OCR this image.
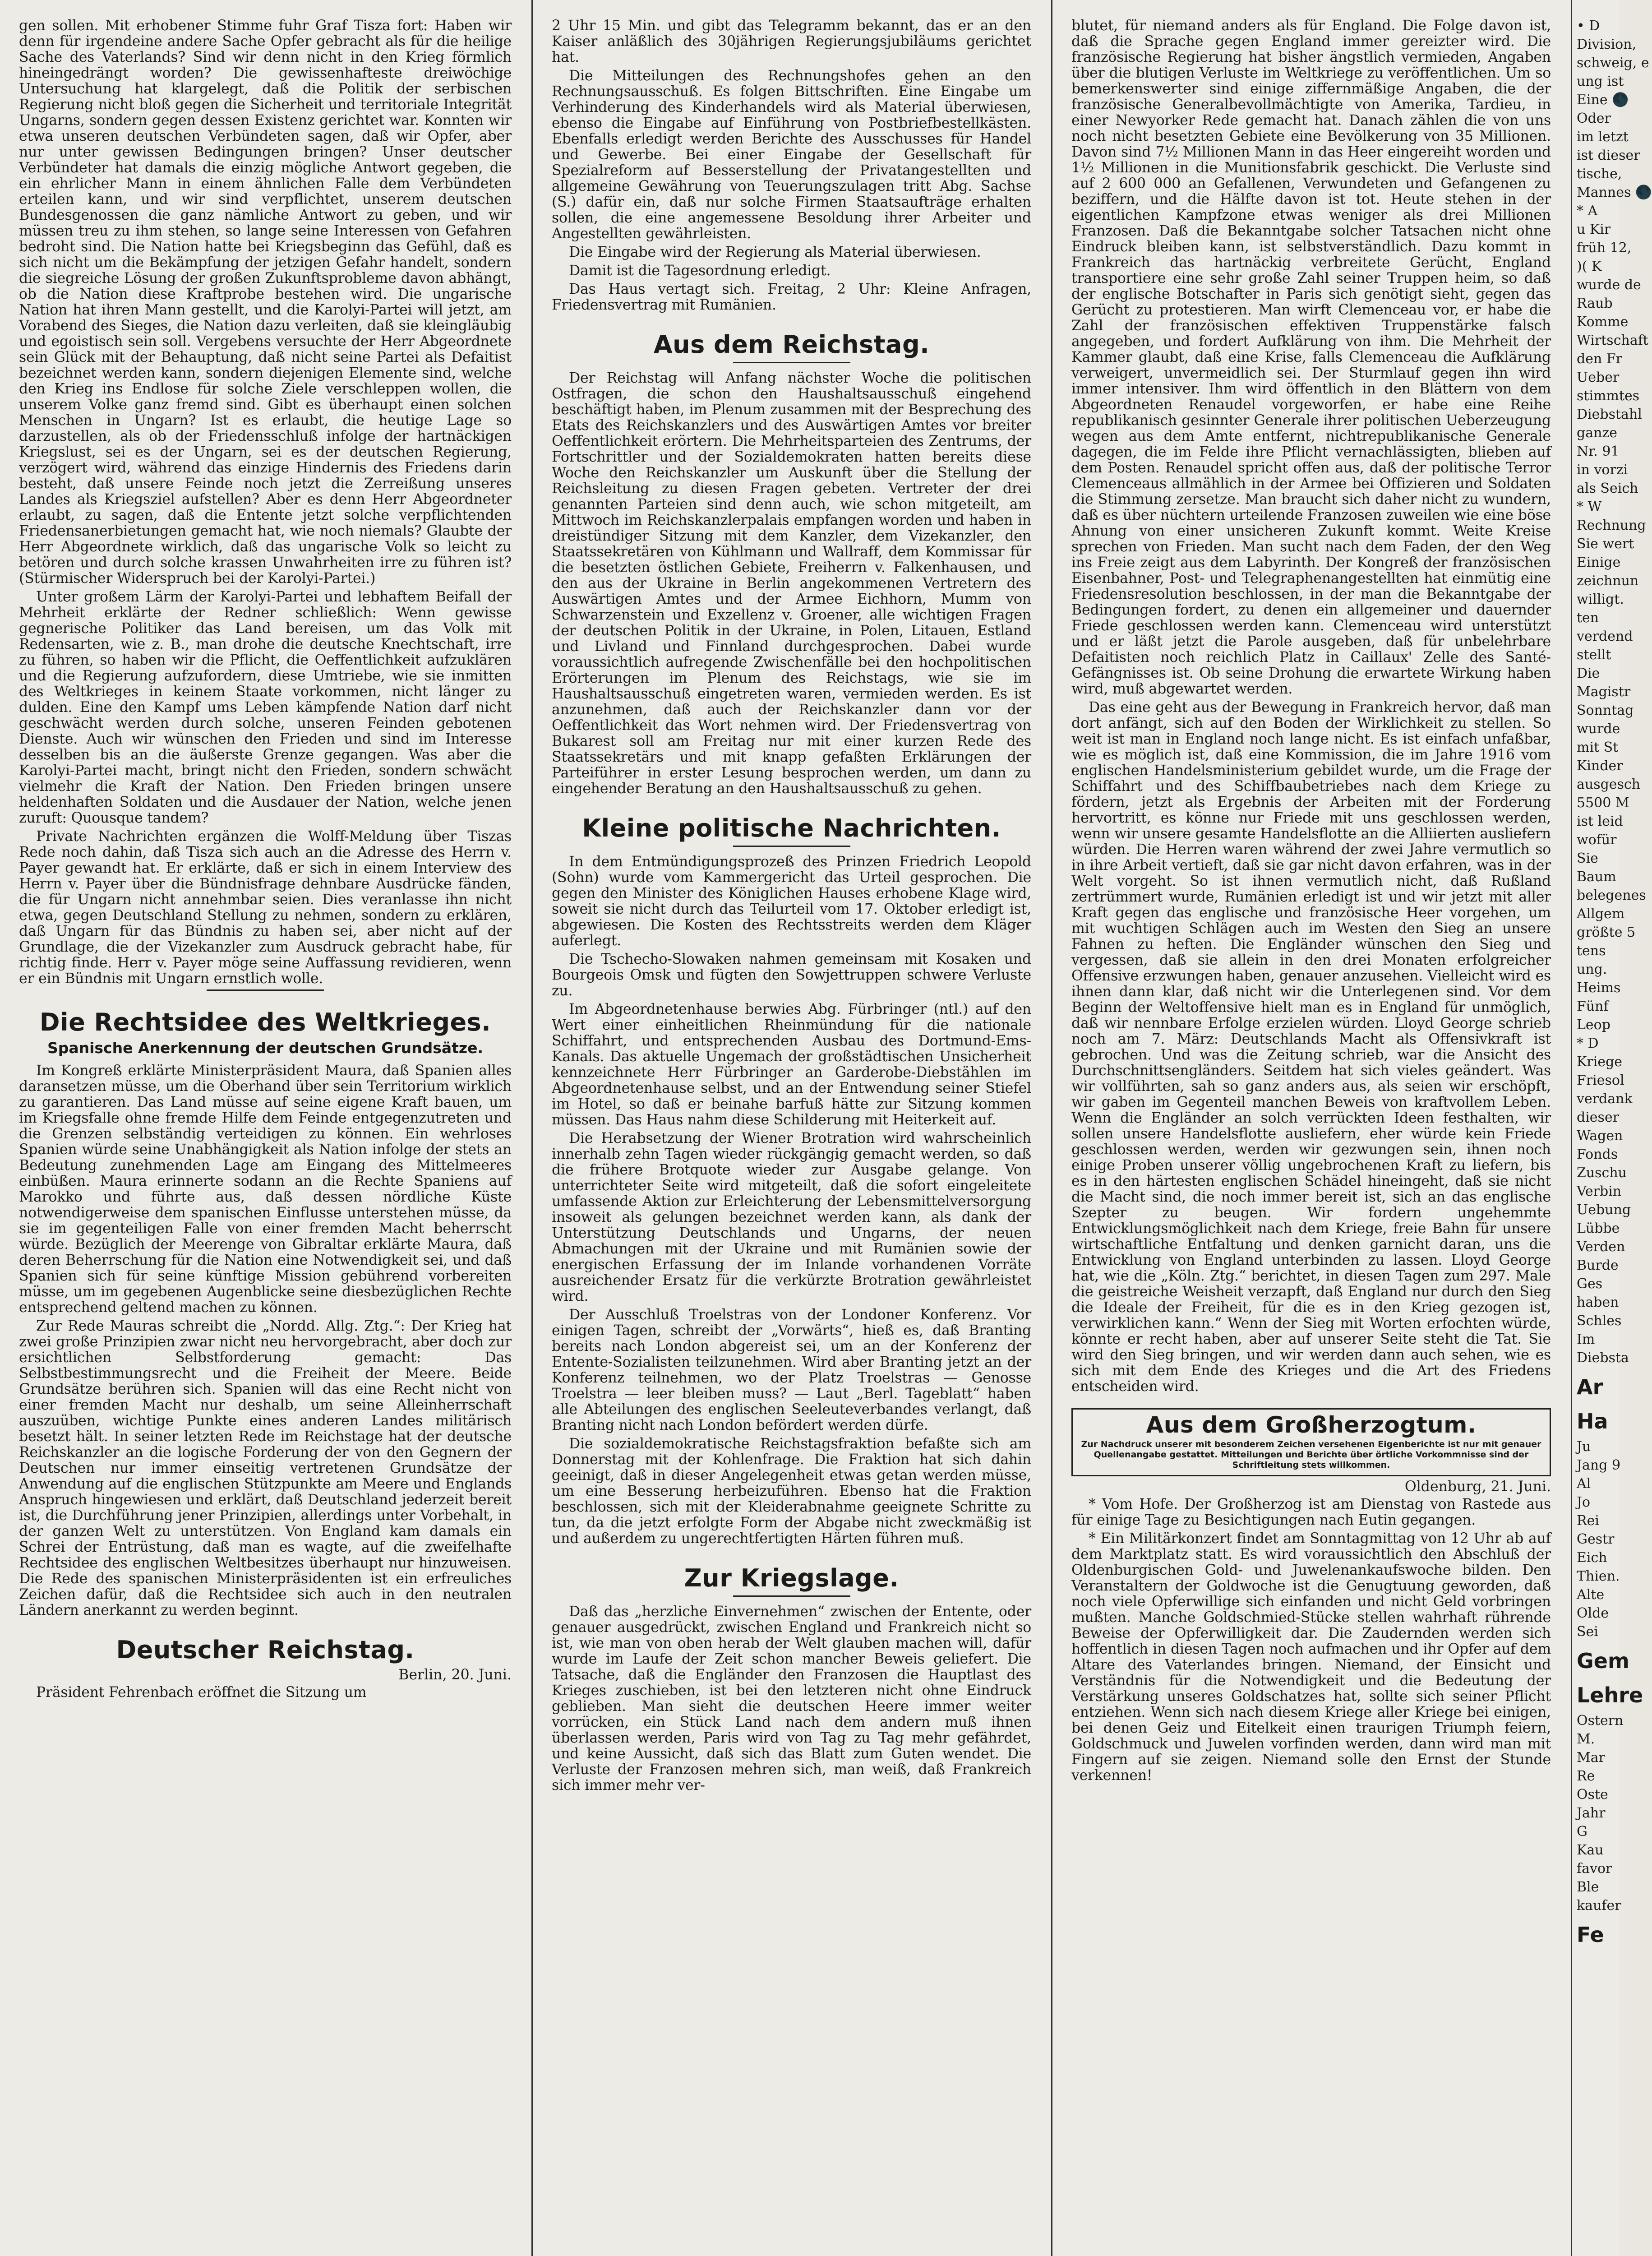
gen sollen. Mit erhobener Stimme fuhr Graf Tisza fort: Haben wir denn für irgendeine andere Sache Opfer gebracht als für die heilige Sache des Vaterlands? Sind wir denn nicht in den Krieg förmlich hineingedrängt worden? Die gewissenhafteste dreiwöchige Untersuchung hat klargelegt, daß die Politik der serbischen Regierung nicht bloß gegen die Sicherheit und territoriale Integrität Ungarns, sondern gegen dessen Existenz gerichtet war. Konnten wir etwa unseren deutschen Verbündeten sagen, daß wir Opfer, aber nur unter gewissen Bedingungen bringen? Unser deutscher Verbündeter hat damals die einzig mögliche Antwort gegeben, die ein ehrlicher Mann in einem ähnlichen Falle dem Verbündeten erteilen kann, und wir sind verpflichtet, unserem deutschen Bundesgenossen die ganz nämliche Antwort zu geben, und wir müssen treu zu ihm stehen, so lange seine Interessen von Gefahren bedroht sind. Die Nation hatte bei Kriegsbeginn das Gefühl, daß es sich nicht um die Bekämpfung der jetzigen Gefahr handelt, sondern die siegreiche Lösung der großen Zukunftsprobleme davon abhängt, ob die Nation diese Kraftprobe bestehen wird. Die ungarische Nation hat ihren Mann gestellt, und die Karolyi-Partei will jetzt, am Vorabend des Sieges, die Nation dazu verleiten, daß sie kleingläubig und egoistisch sein soll. Vergebens versuchte der Herr Abgeordnete sein Glück mit der Behauptung, daß nicht seine Partei als Defaitist bezeichnet werden kann, sondern diejenigen Elemente sind, welche den Krieg ins Endlose für solche Ziele verschleppen wollen, die unserem Volke ganz fremd sind. Gibt es überhaupt einen solchen Menschen in Ungarn? Ist es erlaubt, die heutige Lage so darzustellen, als ob der Friedensschluß infolge der hartnäckigen Kriegslust, sei es der Ungarn, sei es der deutschen Regierung, verzögert wird, während das einzige Hindernis des Friedens darin besteht, daß unsere Feinde noch jetzt die Zerreißung unseres Landes als Kriegsziel aufstellen? Aber es denn Herr Abgeordneter erlaubt, zu sagen, daß die Entente jetzt solche verpflichtenden Friedensanerbietungen gemacht hat, wie noch niemals? Glaubte der Herr Abgeordnete wirklich, daß das ungarische Volk so leicht zu betören und durch solche krassen Unwahrheiten irre zu führen ist? (Stürmischer Widerspruch bei der Karolyi-Partei.)

Unter großem Lärm der Karolyi-Partei und lebhaftem Beifall der Mehrheit erklärte der Redner schließlich: Wenn gewisse gegnerische Politiker das Land bereisen, um das Volk mit Redensarten, wie z. B., man drohe die deutsche Knechtschaft, irre zu führen, so haben wir die Pflicht, die Oeffentlichkeit aufzuklären und die Regierung aufzufordern, diese Umtriebe, wie sie inmitten des Weltkrieges in keinem Staate vorkommen, nicht länger zu dulden. Eine den Kampf ums Leben kämpfende Nation darf nicht geschwächt werden durch solche, unseren Feinden gebotenen Dienste. Auch wir wünschen den Frieden und sind im Interesse desselben bis an die äußerste Grenze gegangen. Was aber die Karolyi-Partei macht, bringt nicht den Frieden, sondern schwächt vielmehr die Kraft der Nation. Den Frieden bringen unsere heldenhaften Soldaten und die Ausdauer der Nation, welche jenen zuruft: Quousque tandem?

Private Nachrichten ergänzen die Wolff-Meldung über Tiszas Rede noch dahin, daß Tisza sich auch an die Adresse des Herrn v. Payer gewandt hat. Er erklärte, daß er sich in einem Interview des Herrn v. Payer über die Bündnisfrage dehnbare Ausdrücke fänden, die für Ungarn nicht annehmbar seien. Dies veranlasse ihn nicht etwa, gegen Deutschland Stellung zu nehmen, sondern zu erklären, daß Ungarn für das Bündnis zu haben sei, aber nicht auf der Grundlage, die der Vizekanzler zum Ausdruck gebracht habe, für richtig finde. Herr v. Payer möge seine Auffassung revidieren, wenn er ein Bündnis mit Ungarn ernstlich wolle.

Die Rechtsidee des Weltkrieges.
Spanische Anerkennung der deutschen Grundsätze.

Im Kongreß erklärte Ministerpräsident Maura, daß Spanien alles daransetzen müsse, um die Oberhand über sein Territorium wirklich zu garantieren. Das Land müsse auf seine eigene Kraft bauen, um im Kriegsfalle ohne fremde Hilfe dem Feinde entgegenzutreten und die Grenzen selbständig verteidigen zu können. Ein wehrloses Spanien würde seine Unabhängigkeit als Nation infolge der stets an Bedeutung zunehmenden Lage am Eingang des Mittelmeeres einbüßen. Maura erinnerte sodann an die Rechte Spaniens auf Marokko und führte aus, daß dessen nördliche Küste notwendigerweise dem spanischen Einflusse unterstehen müsse, da sie im gegenteiligen Falle von einer fremden Macht beherrscht würde. Bezüglich der Meerenge von Gibraltar erklärte Maura, daß deren Beherrschung für die Nation eine Notwendigkeit sei, und daß Spanien sich für seine künftige Mission gebührend vorbereiten müsse, um im gegebenen Augenblicke seine diesbezüglichen Rechte entsprechend geltend machen zu können.

Zur Rede Mauras schreibt die „Nordd. Allg. Ztg.“: Der Krieg hat zwei große Prinzipien zwar nicht neu hervorgebracht, aber doch zur ersichtlichen Selbstforderung gemacht: Das Selbstbestimmungsrecht und die Freiheit der Meere. Beide Grundsätze berühren sich. Spanien will das eine Recht nicht von einer fremden Macht nur deshalb, um seine Alleinherrschaft auszuüben, wichtige Punkte eines anderen Landes militärisch besetzt hält. In seiner letzten Rede im Reichstage hat der deutsche Reichskanzler an die logische Forderung der von den Gegnern der Deutschen nur immer einseitig vertretenen Grundsätze der Anwendung auf die englischen Stützpunkte am Meere und Englands Anspruch hingewiesen und erklärt, daß Deutschland jederzeit bereit ist, die Durchführung jener Prinzipien, allerdings unter Vorbehalt, in der ganzen Welt zu unterstützen. Von England kam damals ein Schrei der Entrüstung, daß man es wagte, auf die zweifelhafte Rechtsidee des englischen Weltbesitzes überhaupt nur hinzuweisen. Die Rede des spanischen Ministerpräsidenten ist ein erfreuliches Zeichen dafür, daß die Rechtsidee sich auch in den neutralen Ländern anerkannt zu werden beginnt.

Deutscher Reichstag.
Berlin, 20. Juni.

Präsident Fehrenbach eröffnet die Sitzung um

2 Uhr 15 Min. und gibt das Telegramm bekannt, das er an den Kaiser anläßlich des 30jährigen Regierungsjubiläums gerichtet hat.

Die Mitteilungen des Rechnungshofes gehen an den Rechnungsausschuß. Es folgen Bittschriften. Eine Eingabe um Verhinderung des Kinderhandels wird als Material überwiesen, ebenso die Eingabe auf Einführung von Postbriefbestellkästen. Ebenfalls erledigt werden Berichte des Ausschusses für Handel und Gewerbe. Bei einer Eingabe der Gesellschaft für Spezialreform auf Besserstellung der Privatangestellten und allgemeine Gewährung von Teuerungszulagen tritt Abg. Sachse (S.) dafür ein, daß nur solche Firmen Staatsaufträge erhalten sollen, die eine angemessene Besoldung ihrer Arbeiter und Angestellten gewährleisten.

Die Eingabe wird der Regierung als Material überwiesen.

Damit ist die Tagesordnung erledigt.

Das Haus vertagt sich. Freitag, 2 Uhr: Kleine Anfragen, Friedensvertrag mit Rumänien.

Aus dem Reichstag.

Der Reichstag will Anfang nächster Woche die politischen Ostfragen, die schon den Haushaltsausschuß eingehend beschäftigt haben, im Plenum zusammen mit der Besprechung des Etats des Reichskanzlers und des Auswärtigen Amtes vor breiter Oeffentlichkeit erörtern. Die Mehrheitsparteien des Zentrums, der Fortschrittler und der Sozialdemokraten hatten bereits diese Woche den Reichskanzler um Auskunft über die Stellung der Reichsleitung zu diesen Fragen gebeten. Vertreter der drei genannten Parteien sind denn auch, wie schon mitgeteilt, am Mittwoch im Reichskanzlerpalais empfangen worden und haben in dreistündiger Sitzung mit dem Kanzler, dem Vizekanzler, den Staatssekretären von Kühlmann und Wallraff, dem Kommissar für die besetzten östlichen Gebiete, Freiherrn v. Falkenhausen, und den aus der Ukraine in Berlin angekommenen Vertretern des Auswärtigen Amtes und der Armee Eichhorn, Mumm von Schwarzenstein und Exzellenz v. Groener, alle wichtigen Fragen der deutschen Politik in der Ukraine, in Polen, Litauen, Estland und Livland und Finnland durchgesprochen. Dabei wurde voraussichtlich aufregende Zwischenfälle bei den hochpolitischen Erörterungen im Plenum des Reichstags, wie sie im Haushaltsausschuß eingetreten waren, vermieden werden. Es ist anzunehmen, daß auch der Reichskanzler dann vor der Oeffentlichkeit das Wort nehmen wird. Der Friedensvertrag von Bukarest soll am Freitag nur mit einer kurzen Rede des Staatssekretärs und mit knapp gefaßten Erklärungen der Parteiführer in erster Lesung besprochen werden, um dann zu eingehender Beratung an den Haushaltsausschuß zu gehen.

Kleine politische Nachrichten.

In dem Entmündigungsprozeß des Prinzen Friedrich Leopold (Sohn) wurde vom Kammergericht das Urteil gesprochen. Die gegen den Minister des Königlichen Hauses erhobene Klage wird, soweit sie nicht durch das Teilurteil vom 17. Oktober erledigt ist, abgewiesen. Die Kosten des Rechtsstreits werden dem Kläger auferlegt.

Die Tschecho-Slowaken nahmen gemeinsam mit Kosaken und Bourgeois Omsk und fügten den Sowjettruppen schwere Verluste zu.

Im Abgeordnetenhause berwies Abg. Fürbringer (ntl.) auf den Wert einer einheitlichen Rheinmündung für die nationale Schiffahrt, und entsprechenden Ausbau des Dortmund-Ems-Kanals. Das aktuelle Ungemach der großstädtischen Unsicherheit kennzeichnete Herr Fürbringer an Garderobe-Diebstählen im Abgeordnetenhause selbst, und an der Entwendung seiner Stiefel im Hotel, so daß er beinahe barfuß hätte zur Sitzung kommen müssen. Das Haus nahm diese Schilderung mit Heiterkeit auf.

Die Herabsetzung der Wiener Brotration wird wahrscheinlich innerhalb zehn Tagen wieder rückgängig gemacht werden, so daß die frühere Brotquote wieder zur Ausgabe gelange. Von unterrichteter Seite wird mitgeteilt, daß die sofort eingeleitete umfassende Aktion zur Erleichterung der Lebensmittelversorgung insoweit als gelungen bezeichnet werden kann, als dank der Unterstützung Deutschlands und Ungarns, der neuen Abmachungen mit der Ukraine und mit Rumänien sowie der energischen Erfassung der im Inlande vorhandenen Vorräte ausreichender Ersatz für die verkürzte Brotration gewährleistet wird.

Der Ausschluß Troelstras von der Londoner Konferenz. Vor einigen Tagen, schreibt der „Vorwärts“, hieß es, daß Branting bereits nach London abgereist sei, um an der Konferenz der Entente-Sozialisten teilzunehmen. Wird aber Branting jetzt an der Konferenz teilnehmen, wo der Platz Troelstras — Genosse Troelstra — leer bleiben muss? — Laut „Berl. Tageblatt“ haben alle Abteilungen des englischen Seeleuteverbandes verlangt, daß Branting nicht nach London befördert werden dürfe.

Die sozialdemokratische Reichstagsfraktion befaßte sich am Donnerstag mit der Kohlenfrage. Die Fraktion hat sich dahin geeinigt, daß in dieser Angelegenheit etwas getan werden müsse, um eine Besserung herbeizuführen. Ebenso hat die Fraktion beschlossen, sich mit der Kleiderabnahme geeignete Schritte zu tun, da die jetzt erfolgte Form der Abgabe nicht zweckmäßig ist und außerdem zu ungerechtfertigten Härten führen muß.

Zur Kriegslage.

Daß das „herzliche Einvernehmen“ zwischen der Entente, oder genauer ausgedrückt, zwischen England und Frankreich nicht so ist, wie man von oben herab der Welt glauben machen will, dafür wurde im Laufe der Zeit schon mancher Beweis geliefert. Die Tatsache, daß die Engländer den Franzosen die Hauptlast des Krieges zuschieben, ist bei den letzteren nicht ohne Eindruck geblieben. Man sieht die deutschen Heere immer weiter vorrücken, ein Stück Land nach dem andern muß ihnen überlassen werden, Paris wird von Tag zu Tag mehr gefährdet, und keine Aussicht, daß sich das Blatt zum Guten wendet. Die Verluste der Franzosen mehren sich, man weiß, daß Frankreich sich immer mehr ver-

blutet, für niemand anders als für England. Die Folge davon ist, daß die Sprache gegen England immer gereizter wird. Die französische Regierung hat bisher ängstlich vermieden, Angaben über die blutigen Verluste im Weltkriege zu veröffentlichen. Um so bemerkenswerter sind einige ziffernmäßige Angaben, die der französische Generalbevollmächtigte von Amerika, Tardieu, in einer Newyorker Rede gemacht hat. Danach zählen die von uns noch nicht besetzten Gebiete eine Bevölkerung von 35 Millionen. Davon sind 7½ Millionen Mann in das Heer eingereiht worden und 1½ Millionen in die Munitionsfabrik geschickt. Die Verluste sind auf 2 600 000 an Gefallenen, Verwundeten und Gefangenen zu beziffern, und die Hälfte davon ist tot. Heute stehen in der eigentlichen Kampfzone etwas weniger als drei Millionen Franzosen. Daß die Bekanntgabe solcher Tatsachen nicht ohne Eindruck bleiben kann, ist selbstverständlich. Dazu kommt in Frankreich das hartnäckig verbreitete Gerücht, England transportiere eine sehr große Zahl seiner Truppen heim, so daß der englische Botschafter in Paris sich genötigt sieht, gegen das Gerücht zu protestieren. Man wirft Clemenceau vor, er habe die Zahl der französischen effektiven Truppenstärke falsch angegeben, und fordert Aufklärung von ihm. Die Mehrheit der Kammer glaubt, daß eine Krise, falls Clemenceau die Aufklärung verweigert, unvermeidlich sei. Der Sturmlauf gegen ihn wird immer intensiver. Ihm wird öffentlich in den Blättern von dem Abgeordneten Renaudel vorgeworfen, er habe eine Reihe republikanisch gesinnter Generale ihrer politischen Ueberzeugung wegen aus dem Amte entfernt, nichtrepublikanische Generale dagegen, die im Felde ihre Pflicht vernachlässigten, blieben auf dem Posten. Renaudel spricht offen aus, daß der politische Terror Clemenceaus allmählich in der Armee bei Offizieren und Soldaten die Stimmung zersetze. Man braucht sich daher nicht zu wundern, daß es über nüchtern urteilende Franzosen zuweilen wie eine böse Ahnung von einer unsicheren Zukunft kommt. Weite Kreise sprechen von Frieden. Man sucht nach dem Faden, der den Weg ins Freie zeigt aus dem Labyrinth. Der Kongreß der französischen Eisenbahner, Post- und Telegraphenangestellten hat einmütig eine Friedensresolution beschlossen, in der man die Bekanntgabe der Bedingungen fordert, zu denen ein allgemeiner und dauernder Friede geschlossen werden kann. Clemenceau wird unterstützt und er läßt jetzt die Parole ausgeben, daß für unbelehrbare Defaitisten noch reichlich Platz in Caillaux' Zelle des Santé-Gefängnisses ist. Ob seine Drohung die erwartete Wirkung haben wird, muß abgewartet werden.

Das eine geht aus der Bewegung in Frankreich hervor, daß man dort anfängt, sich auf den Boden der Wirklichkeit zu stellen. So weit ist man in England noch lange nicht. Es ist einfach unfaßbar, wie es möglich ist, daß eine Kommission, die im Jahre 1916 vom englischen Handelsministerium gebildet wurde, um die Frage der Schiffahrt und des Schiffbaubetriebes nach dem Kriege zu fördern, jetzt als Ergebnis der Arbeiten mit der Forderung hervortritt, es könne nur Friede mit uns geschlossen werden, wenn wir unsere gesamte Handelsflotte an die Alliierten ausliefern würden. Die Herren waren während der zwei Jahre vermutlich so in ihre Arbeit vertieft, daß sie gar nicht davon erfahren, was in der Welt vorgeht. So ist ihnen vermutlich nicht, daß Rußland zertrümmert wurde, Rumänien erledigt ist und wir jetzt mit aller Kraft gegen das englische und französische Heer vorgehen, um mit wuchtigen Schlägen auch im Westen den Sieg an unsere Fahnen zu heften. Die Engländer wünschen den Sieg und vergessen, daß sie allein in den drei Monaten erfolgreicher Offensive erzwungen haben, genauer anzusehen. Vielleicht wird es ihnen dann klar, daß nicht wir die Unterlegenen sind. Vor dem Beginn der Weltoffensive hielt man es in England für unmöglich, daß wir nennbare Erfolge erzielen würden. Lloyd George schrieb noch am 7. März: Deutschlands Macht als Offensivkraft ist gebrochen. Und was die Zeitung schrieb, war die Ansicht des Durchschnittsengländers. Seitdem hat sich vieles geändert. Was wir vollführten, sah so ganz anders aus, als seien wir erschöpft, wir gaben im Gegenteil manchen Beweis von kraftvollem Leben. Wenn die Engländer an solch verrückten Ideen festhalten, wir sollen unsere Handelsflotte ausliefern, eher würde kein Friede geschlossen werden, werden wir gezwungen sein, ihnen noch einige Proben unserer völlig ungebrochenen Kraft zu liefern, bis es in den härtesten englischen Schädel hineingeht, daß sie nicht die Macht sind, die noch immer bereit ist, sich an das englische Szepter zu beugen. Wir fordern ungehemmte Entwicklungsmöglichkeit nach dem Kriege, freie Bahn für unsere wirtschaftliche Entfaltung und denken garnicht daran, uns die Entwicklung von England unterbinden zu lassen. Lloyd George hat, wie die „Köln. Ztg.“ berichtet, in diesen Tagen zum 297. Male die geistreiche Weisheit verzapft, daß England nur durch den Sieg die Ideale der Freiheit, für die es in den Krieg gezogen ist, verwirklichen kann.“ Wenn der Sieg mit Worten erfochten würde, könnte er recht haben, aber auf unserer Seite steht die Tat. Sie wird den Sieg bringen, und wir werden dann auch sehen, wie es sich mit dem Ende des Krieges und die Art des Friedens entscheiden wird.

Aus dem Großherzogtum.
Zur Nachdruck unserer mit besonderem Zeichen versehenen Eigenberichte ist nur mit genauer Quellenangabe gestattet. Mitteilungen und Berichte über örtliche Vorkommnisse sind der Schriftleitung stets willkommen.
Oldenburg, 21. Juni.

* Vom Hofe. Der Großherzog ist am Dienstag von Rastede aus für einige Tage zu Besichtigungen nach Eutin gegangen.

* Ein Militärkonzert findet am Sonntagmittag von 12 Uhr ab auf dem Marktplatz statt. Es wird voraussichtlich den Abschluß der Oldenburgischen Gold- und Juwelenankaufswoche bilden. Den Veranstaltern der Goldwoche ist die Genugtuung geworden, daß noch viele Opferwillige sich einfanden und nicht Geld vorbringen mußten. Manche Goldschmied-Stücke stellen wahrhaft rührende Beweise der Opferwilligkeit dar. Die Zaudernden werden sich hoffentlich in diesen Tagen noch aufmachen und ihr Opfer auf dem Altare des Vaterlandes bringen. Niemand, der Einsicht und Verständnis für die Notwendigkeit und die Bedeutung der Verstärkung unseres Goldschatzes hat, sollte sich seiner Pflicht entziehen. Wenn sich nach diesem Kriege aller Kriege bei einigen, bei denen Geiz und Eitelkeit einen traurigen Triumph feiern, Goldschmuck und Juwelen vorfinden werden, dann wird man mit Fingern auf sie zeigen. Niemand solle den Ernst der Stunde verkennen!

• D
Division,
schweig, e
ung ist
Eine 🌑
Oder
im letzt
ist dieser
tische,
Mannes 🌑
* A
u Kir
früh 12,
)( K
wurde de
Raub
Komme
Wirtschaft
den Fr
Ueber
stimmtes
Diebstahl
ganze
Nr. 91
in vorzi
als Seich
* W
Rechnung
Sie wert
Einige
zeichnun
willigt.
ten
verdend
stellt
Die
Magistr
Sonntag
wurde
mit St
Kinder
ausgesch
5500 M
ist leid
wofür
Sie
Baum
belegenes
Allgem
größte 5
tens
ung.
Heims
Fünf
Leop
* D
Kriege
Friesol
verdank
dieser
Wagen
Fonds
Zuschu
Verbin
Uebung
Lübbe
Verden
Burde
Ges
haben
Schles
Im
Diebsta
Ar
Ha
Ju
Jang 9
Al
Jo
Rei
Gestr
Eich
Thien.
Alte
Olde
Sei
Gem
Lehre
Ostern
M.
Mar
Re
Oste
Jahr
G
Kau
favor
Ble
kaufer
Fe
